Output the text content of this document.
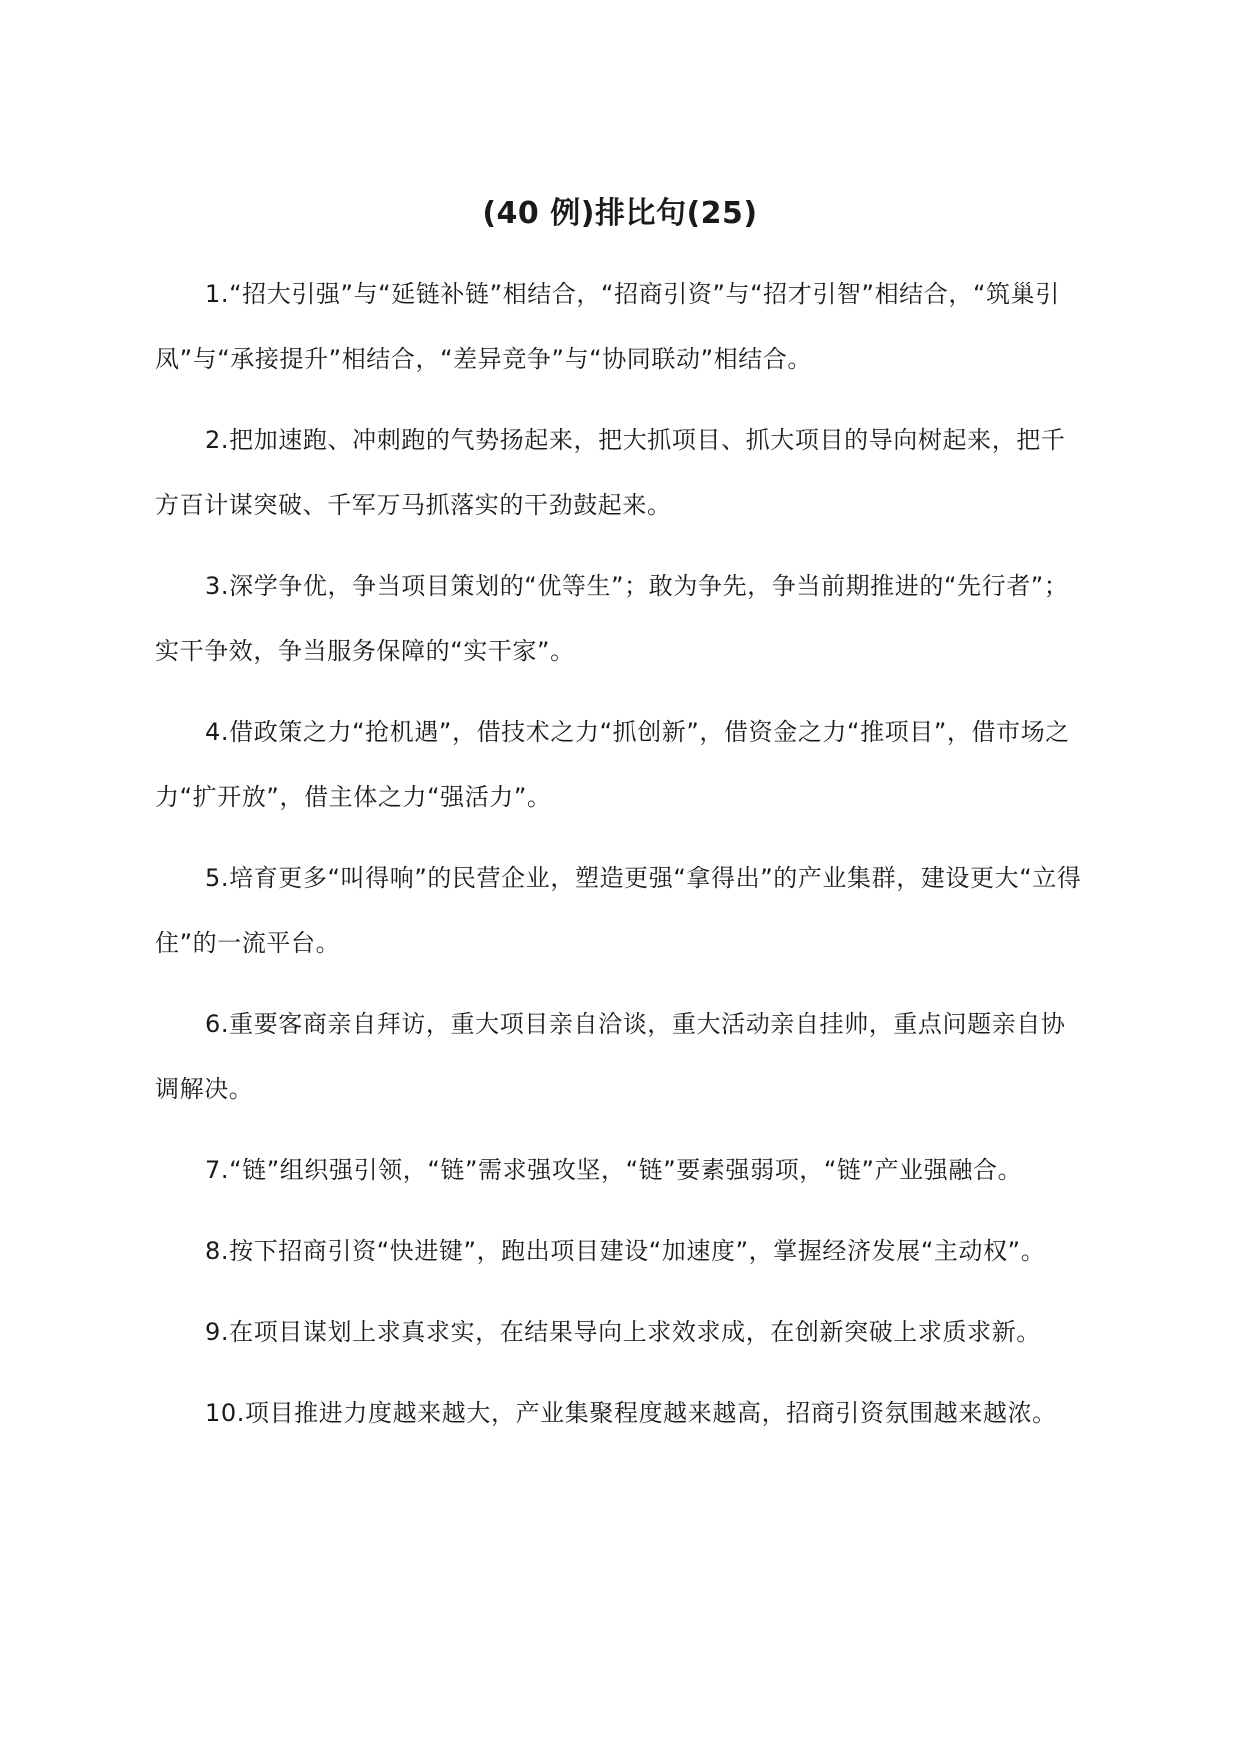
(40 例)排比句(25)

1.“招大引强”与“延链补链”相结合，“招商引资”与“招才引智”相结合，“筑巢引凤”与“承接提升”相结合，“差异竞争”与“协同联动”相结合。

2.把加速跑、冲刺跑的气势扬起来，把大抓项目、抓大项目的导向树起来，把千方百计谋突破、千军万马抓落实的干劲鼓起来。

3.深学争优，争当项目策划的“优等生”；敢为争先，争当前期推进的“先行者”；实干争效，争当服务保障的“实干家”。

4.借政策之力“抢机遇”，借技术之力“抓创新”，借资金之力“推项目”，借市场之力“扩开放”，借主体之力“强活力”。

5.培育更多“叫得响”的民营企业，塑造更强“拿得出”的产业集群，建设更大“立得住”的一流平台。

6.重要客商亲自拜访，重大项目亲自洽谈，重大活动亲自挂帅，重点问题亲自协调解决。

7.“链”组织强引领，“链”需求强攻坚，“链”要素强弱项，“链”产业强融合。

8.按下招商引资“快进键”，跑出项目建设“加速度”，掌握经济发展“主动权”。

9.在项目谋划上求真求实，在结果导向上求效求成，在创新突破上求质求新。

10.项目推进力度越来越大，产业集聚程度越来越高，招商引资氛围越来越浓。
